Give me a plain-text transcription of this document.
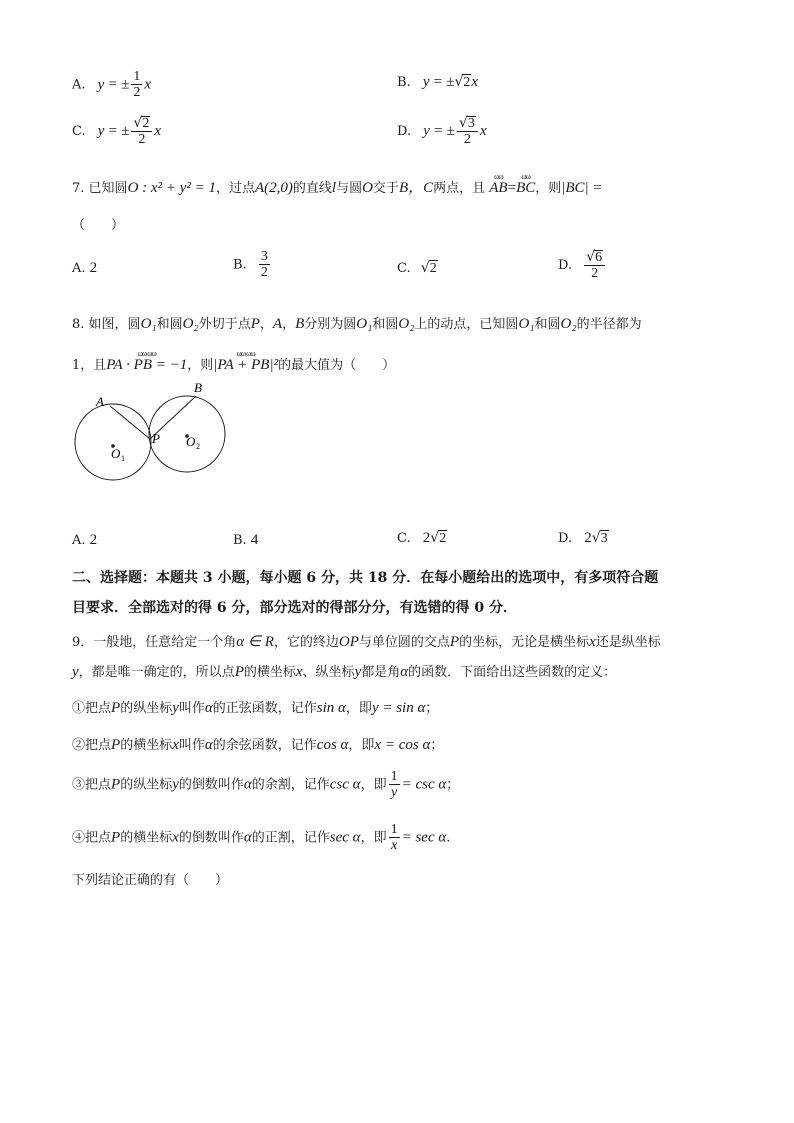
A. y = ± $\frac{1}{2}$ x	B. y = ±√2x
C. y = ± $\frac{√2}{2}$ x	D. y = ± $\frac{√3}{2}$ x
7. 已知圆O : x² + y² = 1，过点A(2,0)的直线l与圆O交于B，C两点，且
ωω
AB=
ωω
BC，则|BC| =
（　　）
A. 2	B. $\frac{3}{2}$	C. √2	D. $\frac{√6}{2}$
8. 如图，圆O₁和圆O₂外切于点P，A，B分别为圆O₁和圆O₂上的动点，已知圆O₁和圆O₂的半径都为
1，且
ωω ωω
PA · PB = −1，则
ωω ωω
|PA + PB|²的最大值为（　　）
A
B
P
O 1
O 2
A. 2	B. 4	C. 2√2	D. 2√3
二、选择题：本题共 3 小题，每小题 6 分，共 18 分．在每小题给出的选项中，有多项符合题
目要求．全部选对的得 6 分，部分选对的得部分分，有选错的得 0 分．
9．一般地，任意给定一个角α ∈ R，它的终边OP与单位圆的交点P的坐标，无论是横坐标x还是纵坐标
y，都是唯一确定的，所以点P的横坐标x、纵坐标y都是角α的函数．下面给出这些函数的定义：
①把点P的纵坐标y叫作α的正弦函数，记作sin α，即y = sin α；
②把点P的横坐标x叫作α的余弦函数，记作cos α，即x = cos α；
③把点P的纵坐标y的倒数叫作α的余割，记作csc α，即 $\frac{1}{y} = \csc \alpha$；
④把点P的横坐标x的倒数叫作α的正割，记作sec α，即 $\frac{1}{x} = \sec \alpha$.
下列结论正确的有（　　）
